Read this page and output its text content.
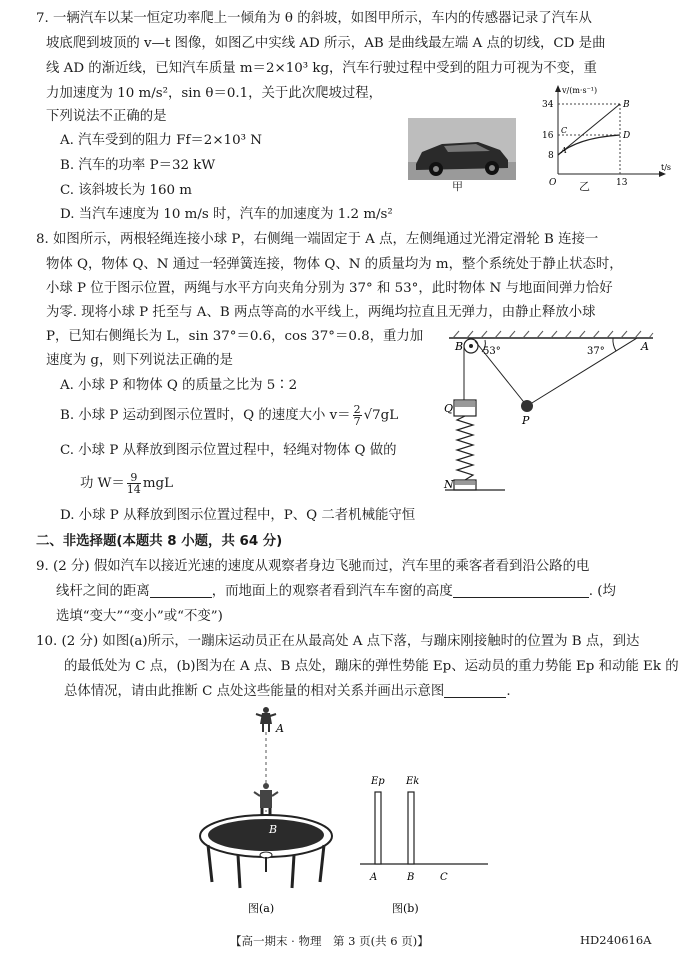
7. 一辆汽车以某一恒定功率爬上一倾角为 θ 的斜坡，如图甲所示，车内的传感器记录了汽车从
坡底爬到坡顶的 v—t 图像，如图乙中实线 AD 所示，AB 是曲线最左端 A 点的切线，CD 是曲
线 AD 的渐近线，已知汽车质量 m＝2×10³ kg，汽车行驶过程中受到的阻力可视为不变，重
力加速度为 10 m/s²，sin θ＝0.1，关于此次爬坡过程，
下列说法不正确的是
A. 汽车受到的阻力 Ff＝2×10³ N
B. 汽车的功率 P＝32 kW
C. 该斜坡长为 160 m
D. 当汽车速度为 10 m/s 时，汽车的加速度为 1.2 m/s²
甲
v/(m·s⁻¹)
t/s
34
16
8
13
O
A
B
C
D
乙
8. 如图所示，两根轻绳连接小球 P，右侧绳一端固定于 A 点，左侧绳通过光滑定滑轮 B 连接一
物体 Q，物体 Q、N 通过一轻弹簧连接，物体 Q、N 的质量均为 m，整个系统处于静止状态时，
小球 P 位于图示位置，两绳与水平方向夹角分别为 37° 和 53°，此时物体 N 与地面间弹力恰好
为零. 现将小球 P 托至与 A、B 两点等高的水平线上，两绳均拉直且无弹力，由静止释放小球
P，已知右侧绳长为 L，sin 37°＝0.6，cos 37°＝0.8，重力加
速度为 g，则下列说法正确的是
A. 小球 P 和物体 Q 的质量之比为 5∶2
B. 小球 P 运动到图示位置时，Q 的速度大小 $v= \frac{2}{7} √7gL$
C. 小球 P 从释放到图示位置过程中，轻绳对物体 Q 做的
功 $W= \frac{9}{14}$ mgL
D. 小球 P 从释放到图示位置过程中，P、Q 二者机械能守恒
B	A
Q
P
N
53°	37°
二、非选择题(本题共 8 小题，共 64 分)
9. (2 分) 假如汽车以接近光速的速度从观察者身边飞驰而过，汽车里的乘客者看到沿公路的电
线杆之间的距离	，而地面上的观察者看到汽车车窗的高度	. (均
选填“变大”“变小”或“不变”)
10. (2 分) 如图(a)所示，一蹦床运动员正在从最高处 A 点下落，与蹦床刚接触时的位置为 B 点，到达
的最低处为 C 点，(b)图为在 A 点、B 点处，蹦床的弹性势能 Ep、运动员的重力势能 Ep 和动能 Ek 的
总体情况，请由此推断 C 点处这些能量的相对关系并画出示意图	.
A
B
图(a)
Ep Ek
A	B	C
图(b)
【高一期末 · 物理　第 3 页(共 6 页)】	HD240616A
